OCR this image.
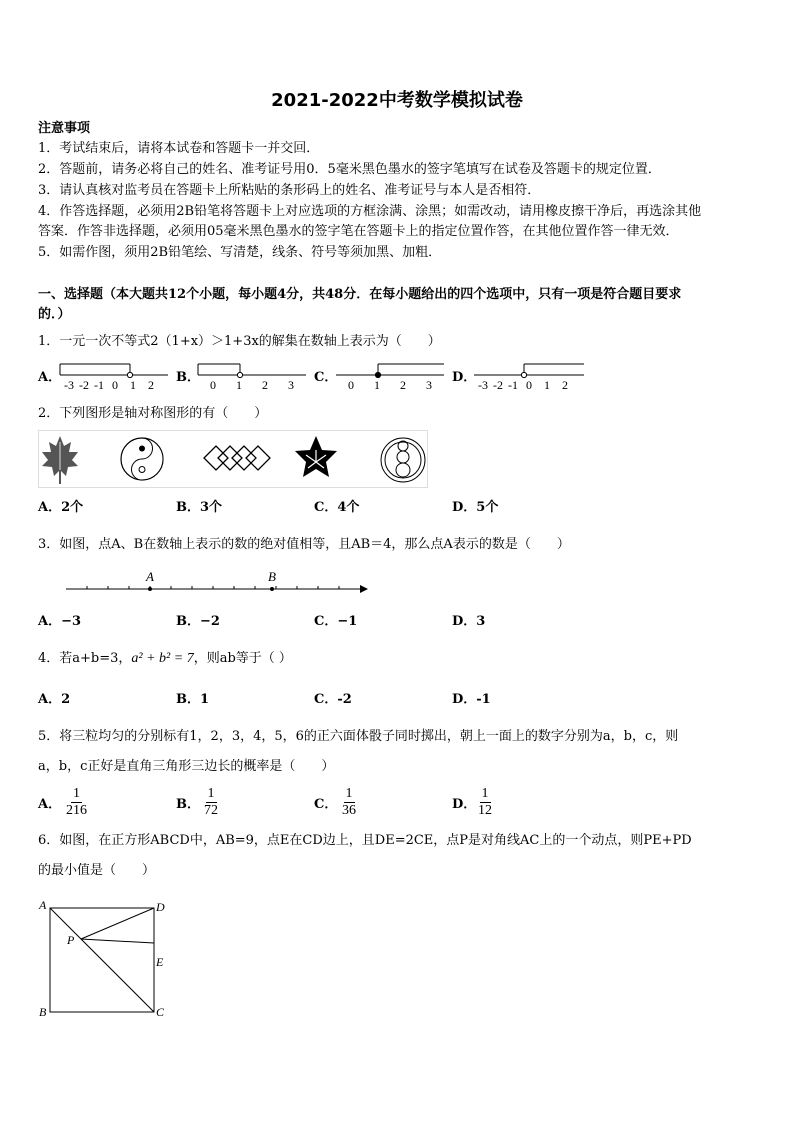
2021-2022中考数学模拟试卷
注意事项
1．考试结束后，请将本试卷和答题卡一并交回．
2．答题前，请务必将自己的姓名、准考证号用0．5毫米黑色墨水的签字笔填写在试卷及答题卡的规定位置．
3．请认真核对监考员在答题卡上所粘贴的条形码上的姓名、准考证号与本人是否相符．
4．作答选择题，必须用2B铅笔将答题卡上对应选项的方框涂满、涂黑；如需改动，请用橡皮擦干净后，再选涂其他
答案．作答非选择题，必须用05毫米黑色墨水的签字笔在答题卡上的指定位置作答，在其他位置作答一律无效．
5．如需作图，须用2B铅笔绘、写清楚，线条、符号等须加黑、加粗．
一、选择题（本大题共12个小题，每小题4分，共48分．在每小题给出的四个选项中，只有一项是符合题目要求
的．）
1．一元一次不等式2（1+x）＞1+3x的解集在数轴上表示为（　　）
A． -3 -2 -1 0 1 2 B． 0 1 2 3 C． 0 1 2 3 D． -3 -2 -1 0 1 2
2．下列图形是轴对称图形的有（　　）
A．2个	B．3个	C．4个	D．5个
3．如图，点A、B在数轴上表示的数的绝对值相等，且AB＝4，那么点A表示的数是（　　）
A	B
A．−3	B．−2	C．−1	D．3
4．若a+b=3，a² + b² = 7，则ab等于（ ）
A．2	B．1	C．-2	D．-1
5．将三粒均匀的分别标有1，2，3，4，5，6的正六面体骰子同时掷出，朝上一面上的数字分别为a，b，c，则
a，b，c正好是直角三角形三边长的概率是（　　）
A． $\frac{1}{216}$	B． $\frac{1}{72}$	C． $\frac{1}{36}$	D． $\frac{1}{12}$
6．如图，在正方形ABCD中，AB=9，点E在CD边上，且DE=2CE，点P是对角线AC上的一个动点，则PE+PD
的最小值是（　　）
A	D
B	C
E
P
